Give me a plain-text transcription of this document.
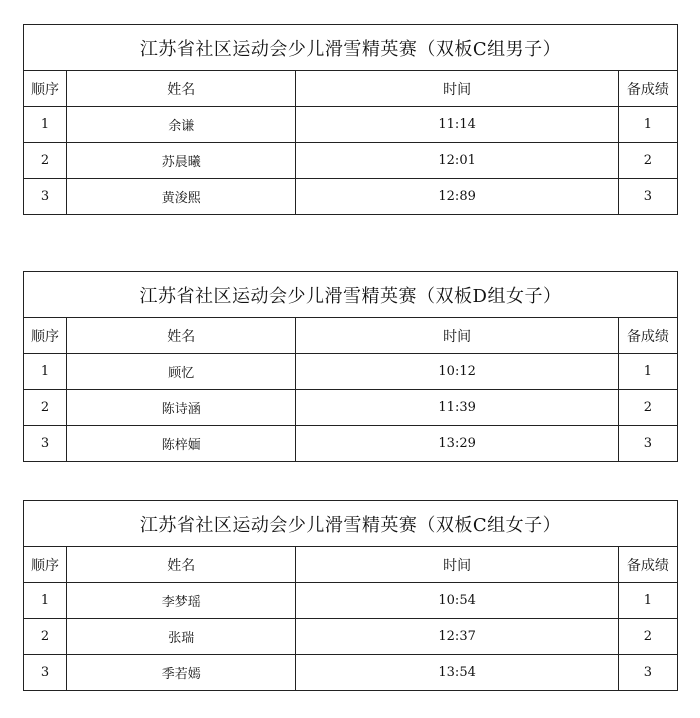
江苏省社区运动会少儿滑雪精英赛（双板C组男子）			
顺序	姓名	时间	备成绩
1	余谦	11:14	1
2	苏晨曦	12:01	2
3	黄浚熙	12:89	3
江苏省社区运动会少儿滑雪精英赛（双板D组女子）			
顺序	姓名	时间	备成绩
1	顾忆	10:12	1
2	陈诗涵	11:39	2
3	陈梓媔	13:29	3
江苏省社区运动会少儿滑雪精英赛（双板C组女子）			
顺序	姓名	时间	备成绩
1	李梦瑶	10:54	1
2	张瑞	12:37	2
3	季若嫣	13:54	3
